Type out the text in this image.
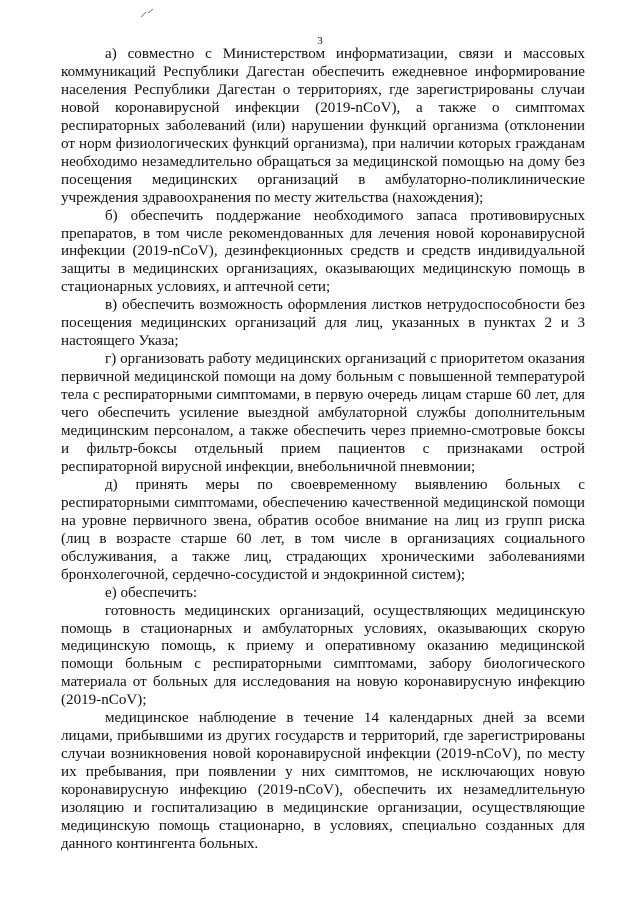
3

а) совместно с Министерством информатизации, связи и массовых коммуникаций Республики Дагестан обеспечить ежедневное информирование населения Республики Дагестан о территориях, где зарегистрированы случаи новой коронавирусной инфекции (2019-nCoV), а также о симптомах респираторных заболеваний (или) нарушении функций организма (отклонении от норм физиологических функций организма), при наличии которых гражданам необходимо незамедлительно обращаться за медицинской помощью на дому без посещения медицинских организаций в амбулаторно-поликлинические учреждения здравоохранения по месту жительства (нахождения);

б) обеспечить поддержание необходимого запаса противовирусных препаратов, в том числе рекомендованных для лечения новой коронавирусной инфекции (2019-nCoV), дезинфекционных средств и средств индивидуальной защиты в медицинских организациях, оказывающих медицинскую помощь в стационарных условиях, и аптечной сети;

в) обеспечить возможность оформления листков нетрудоспособности без посещения медицинских организаций для лиц, указанных в пунктах 2 и 3 настоящего Указа;

г) организовать работу медицинских организаций с приоритетом оказания первичной медицинской помощи на дому больным с повышенной температурой тела с респираторными симптомами, в первую очередь лицам старше 60 лет, для чего обеспечить усиление выездной амбулаторной службы дополнительным медицинским персоналом, а также обеспечить через приемно-смотровые боксы и фильтр-боксы отдельный прием пациентов с признаками острой респираторной вирусной инфекции, внебольничной пневмонии;

д) принять меры по своевременному выявлению больных с респираторными симптомами, обеспечению качественной медицинской помощи на уровне первичного звена, обратив особое внимание на лиц из групп риска (лиц в возрасте старше 60 лет, в том числе в организациях социального обслуживания, а также лиц, страдающих хроническими заболеваниями бронхолегочной, сердечно-сосудистой и эндокринной систем);

е) обеспечить:

готовность медицинских организаций, осуществляющих медицинскую помощь в стационарных и амбулаторных условиях, оказывающих скорую медицинскую помощь, к приему и оперативному оказанию медицинской помощи больным с респираторными симптомами, забору биологического материала от больных для исследования на новую коронавирусную инфекцию (2019-nCoV);

медицинское наблюдение в течение 14 календарных дней за всеми лицами, прибывшими из других государств и территорий, где зарегистрированы случаи возникновения новой коронавирусной инфекции (2019-nCoV), по месту их пребывания, при появлении у них симптомов, не исключающих новую коронавирусную инфекцию (2019-nCoV), обеспечить их незамедлительную изоляцию и госпитализацию в медицинские организации, осуществляющие медицинскую помощь стационарно, в условиях, специально созданных для данного контингента больных.
